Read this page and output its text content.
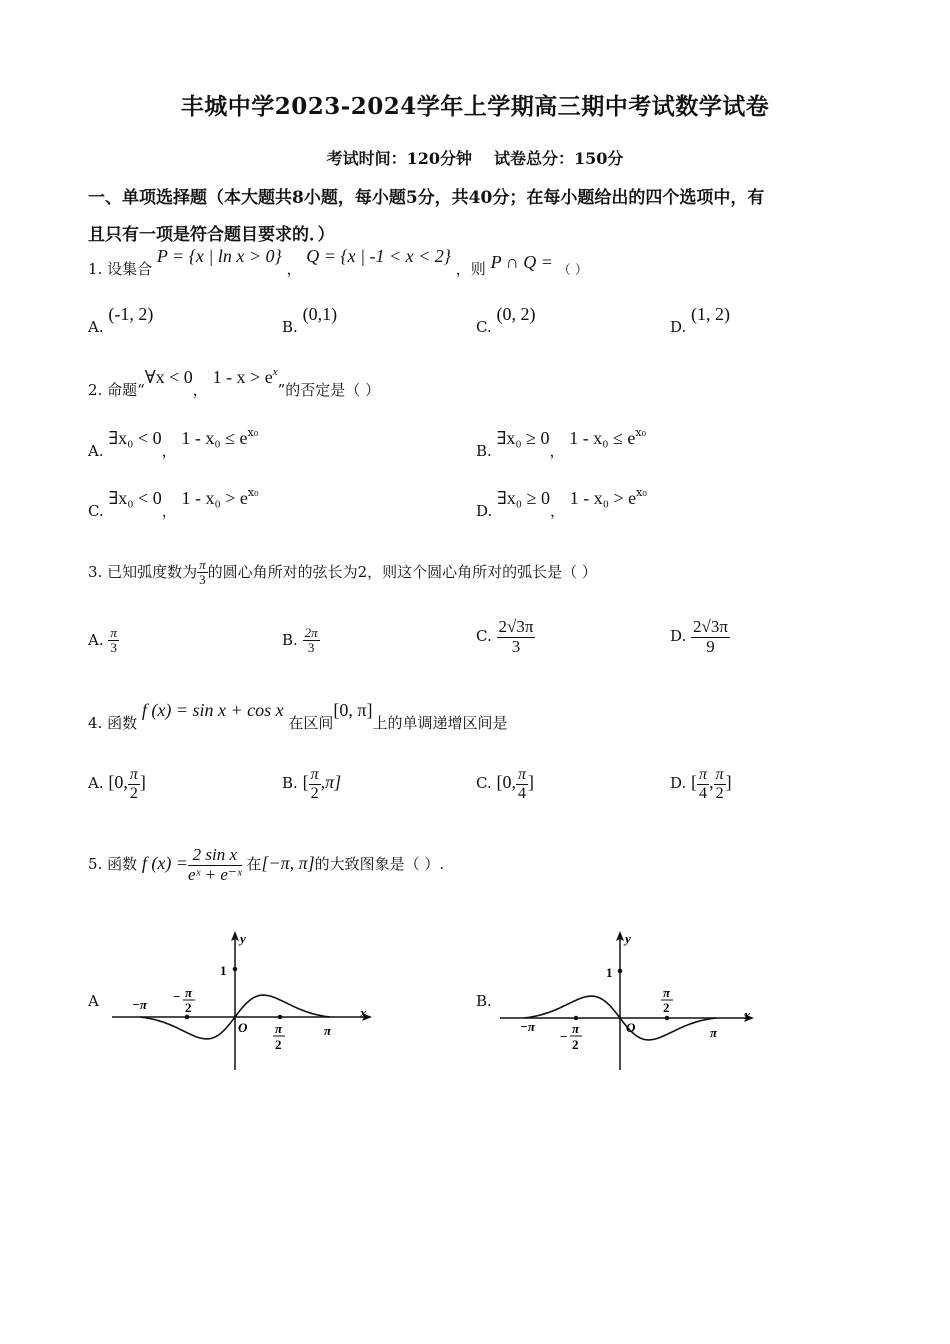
丰城中学2023-2024学年上学期高三期中考试数学试卷
考试时间：120分钟 试卷总分：150分
一、单项选择题（本大题共8小题，每小题5分，共40分；在每小题给出的四个选项中，有
且只有一项是符合题目要求的．）
1. 设集合 P = {x | ln x > 0} ， Q = {x | -1 < x < 2} ，则 P ∩ Q = （ ）
A. (-1, 2)
B. (0,1)
C. (0, 2)
D. (1, 2)
2. 命题“∀x < 0， $1 - x > e^x$”的否定是（ ）
A. ∃x₀ < 0， $1 - x_0 \le e^{x_0}$
B. ∃x₀ ≥ 0， $1 - x_0 \le e^{x_0}$
C. ∃x₀ < 0， $1 - x_0 > e^{x_0}$
D. ∃x₀ ≥ 0， $1 - x_0 > e^{x_0}$
3. 已知弧度数为 $\frac{\pi}{3}$ 的圆心角所对的弦长为2，则这个圆心角所对的弧长是（ ）
A. $\frac{\pi}{3}$	B. $\frac{2\pi}{3}$	C. $\frac{2√3\pi}{3}$	D. $\frac{2√3\pi}{9}$
4. 函数 f (x) = sin x + cos x 在区间[0, π]上的单调递增区间是
A. [0, $\frac{\pi}{2}$ ]	B. [ $\frac{\pi}{2} ,\pi$]	C. [0, $\frac{\pi}{4}$ ]	D. [ $\frac{\pi}{4}$ , $\frac{\pi}{2}$ ]
5. 函数 f $(x) = \frac{\text{2 sin x}}{\text{eˣ + e⁻ˣ}}$ 在[−π, π]的大致图象是（ ）.
A
y
x
1
−π
− π
2
O π
2
π
B.
y
x
1
−π
−
π
2
O
π
2
π
